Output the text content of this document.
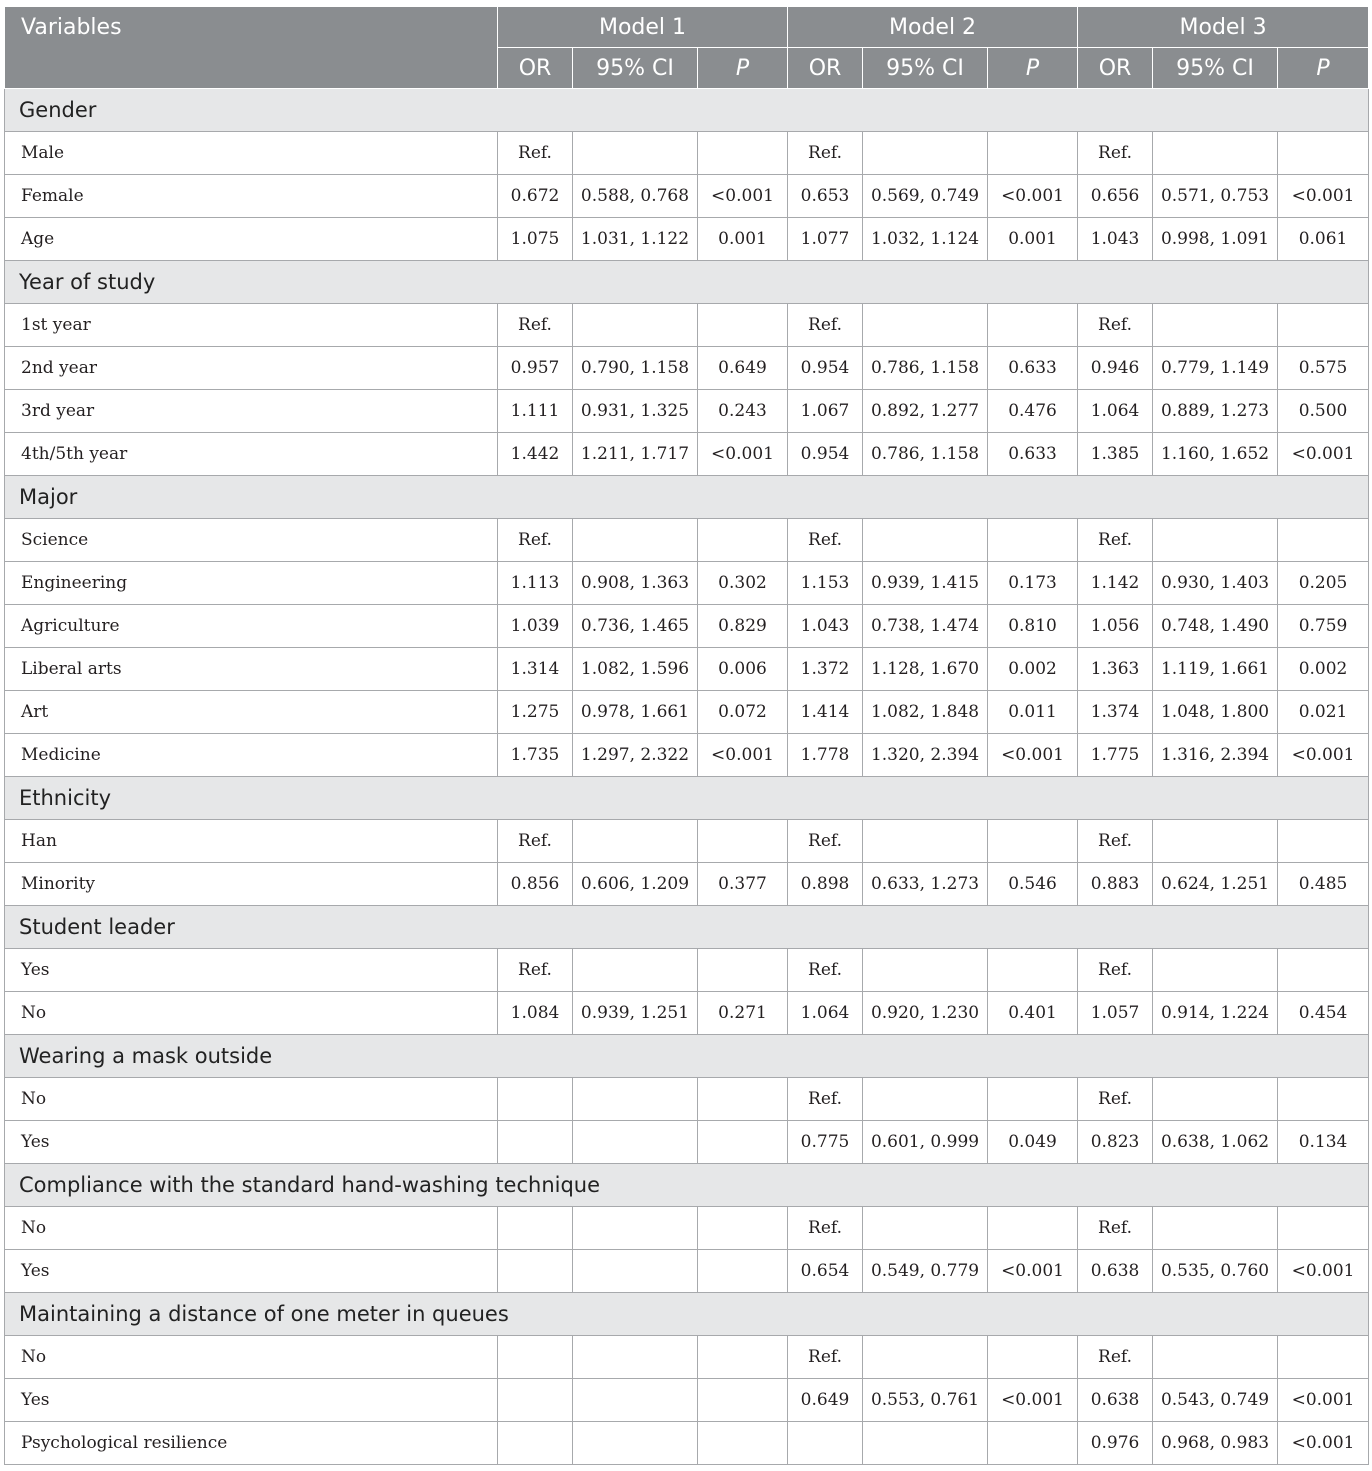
Variables	Model 1			Model 2			Model 3		
	OR	95% CI	P	OR	95% CI	P	OR	95% CI	P
Gender									
Male	Ref.			Ref.			Ref.		
Female	0.672	0.588, 0.768	<0.001	0.653	0.569, 0.749	<0.001	0.656	0.571, 0.753	<0.001
Age	1.075	1.031, 1.122	0.001	1.077	1.032, 1.124	0.001	1.043	0.998, 1.091	0.061
Year of study									
1st year	Ref.			Ref.			Ref.		
2nd year	0.957	0.790, 1.158	0.649	0.954	0.786, 1.158	0.633	0.946	0.779, 1.149	0.575
3rd year	1.111	0.931, 1.325	0.243	1.067	0.892, 1.277	0.476	1.064	0.889, 1.273	0.500
4th/5th year	1.442	1.211, 1.717	<0.001	0.954	0.786, 1.158	0.633	1.385	1.160, 1.652	<0.001
Major									
Science	Ref.			Ref.			Ref.		
Engineering	1.113	0.908, 1.363	0.302	1.153	0.939, 1.415	0.173	1.142	0.930, 1.403	0.205
Agriculture	1.039	0.736, 1.465	0.829	1.043	0.738, 1.474	0.810	1.056	0.748, 1.490	0.759
Liberal arts	1.314	1.082, 1.596	0.006	1.372	1.128, 1.670	0.002	1.363	1.119, 1.661	0.002
Art	1.275	0.978, 1.661	0.072	1.414	1.082, 1.848	0.011	1.374	1.048, 1.800	0.021
Medicine	1.735	1.297, 2.322	<0.001	1.778	1.320, 2.394	<0.001	1.775	1.316, 2.394	<0.001
Ethnicity									
Han	Ref.			Ref.			Ref.		
Minority	0.856	0.606, 1.209	0.377	0.898	0.633, 1.273	0.546	0.883	0.624, 1.251	0.485
Student leader									
Yes	Ref.			Ref.			Ref.		
No	1.084	0.939, 1.251	0.271	1.064	0.920, 1.230	0.401	1.057	0.914, 1.224	0.454
Wearing a mask outside									
No				Ref.			Ref.		
Yes				0.775	0.601, 0.999	0.049	0.823	0.638, 1.062	0.134
Compliance with the standard hand-washing technique									
No				Ref.			Ref.		
Yes				0.654	0.549, 0.779	<0.001	0.638	0.535, 0.760	<0.001
Maintaining a distance of one meter in queues									
No				Ref.			Ref.		
Yes				0.649	0.553, 0.761	<0.001	0.638	0.543, 0.749	<0.001
Psychological resilience							0.976	0.968, 0.983	<0.001
